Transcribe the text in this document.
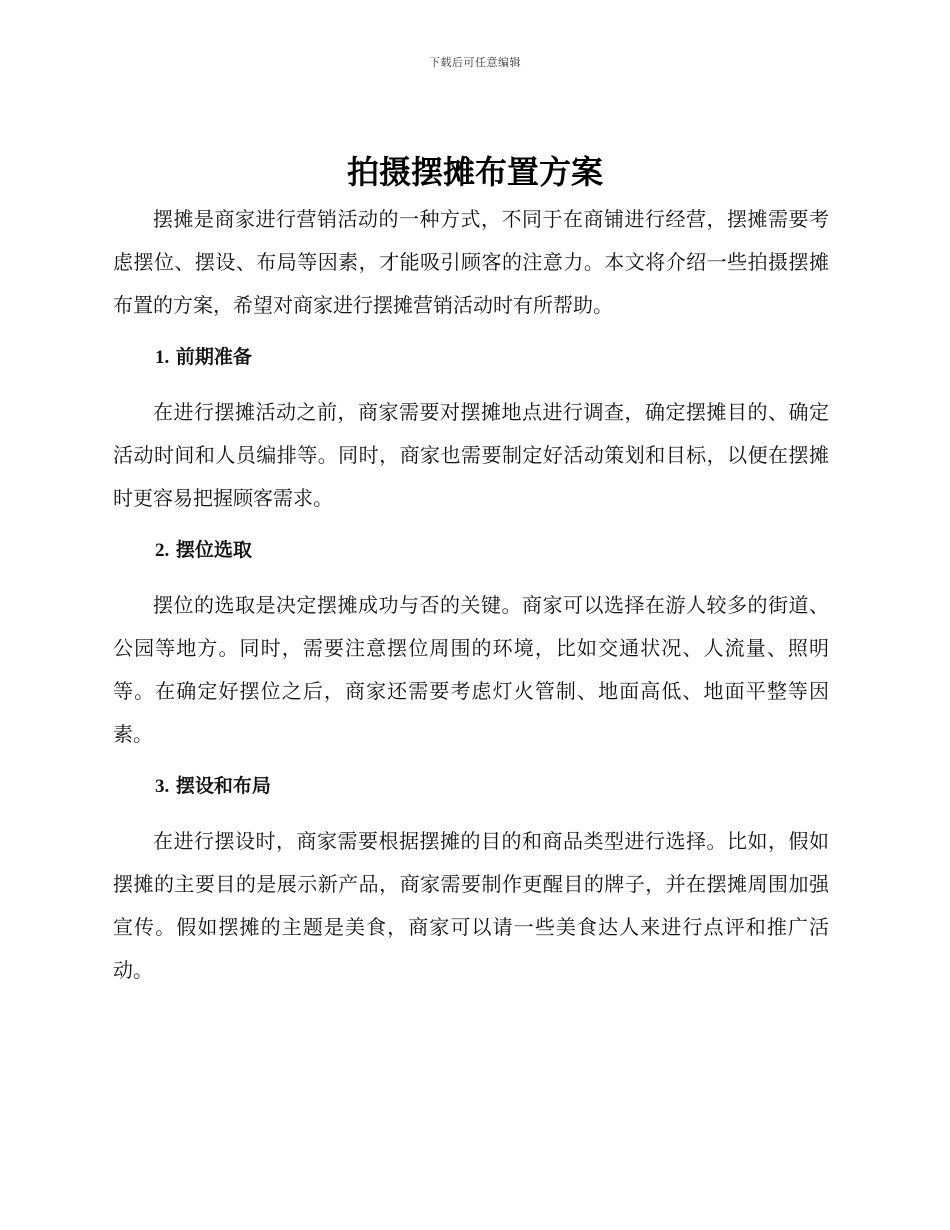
下载后可任意编辑
拍摄摆摊布置方案

摆摊是商家进行营销活动的一种方式，不同于在商铺进行经营，摆摊需要考虑摆位、摆设、布局等因素，才能吸引顾客的注意力。本文将介绍一些拍摄摆摊布置的方案，希望对商家进行摆摊营销活动时有所帮助。

1. 前期准备

在进行摆摊活动之前，商家需要对摆摊地点进行调查，确定摆摊目的、确定活动时间和人员编排等。同时，商家也需要制定好活动策划和目标，以便在摆摊时更容易把握顾客需求。

2. 摆位选取

摆位的选取是决定摆摊成功与否的关键。商家可以选择在游人较多的街道、公园等地方。同时，需要注意摆位周围的环境，比如交通状况、人流量、照明等。在确定好摆位之后，商家还需要考虑灯火管制、地面高低、地面平整等因素。

3. 摆设和布局

在进行摆设时，商家需要根据摆摊的目的和商品类型进行选择。比如，假如摆摊的主要目的是展示新产品，商家需要制作更醒目的牌子，并在摆摊周围加强宣传。假如摆摊的主题是美食，商家可以请一些美食达人来进行点评和推广活动。
